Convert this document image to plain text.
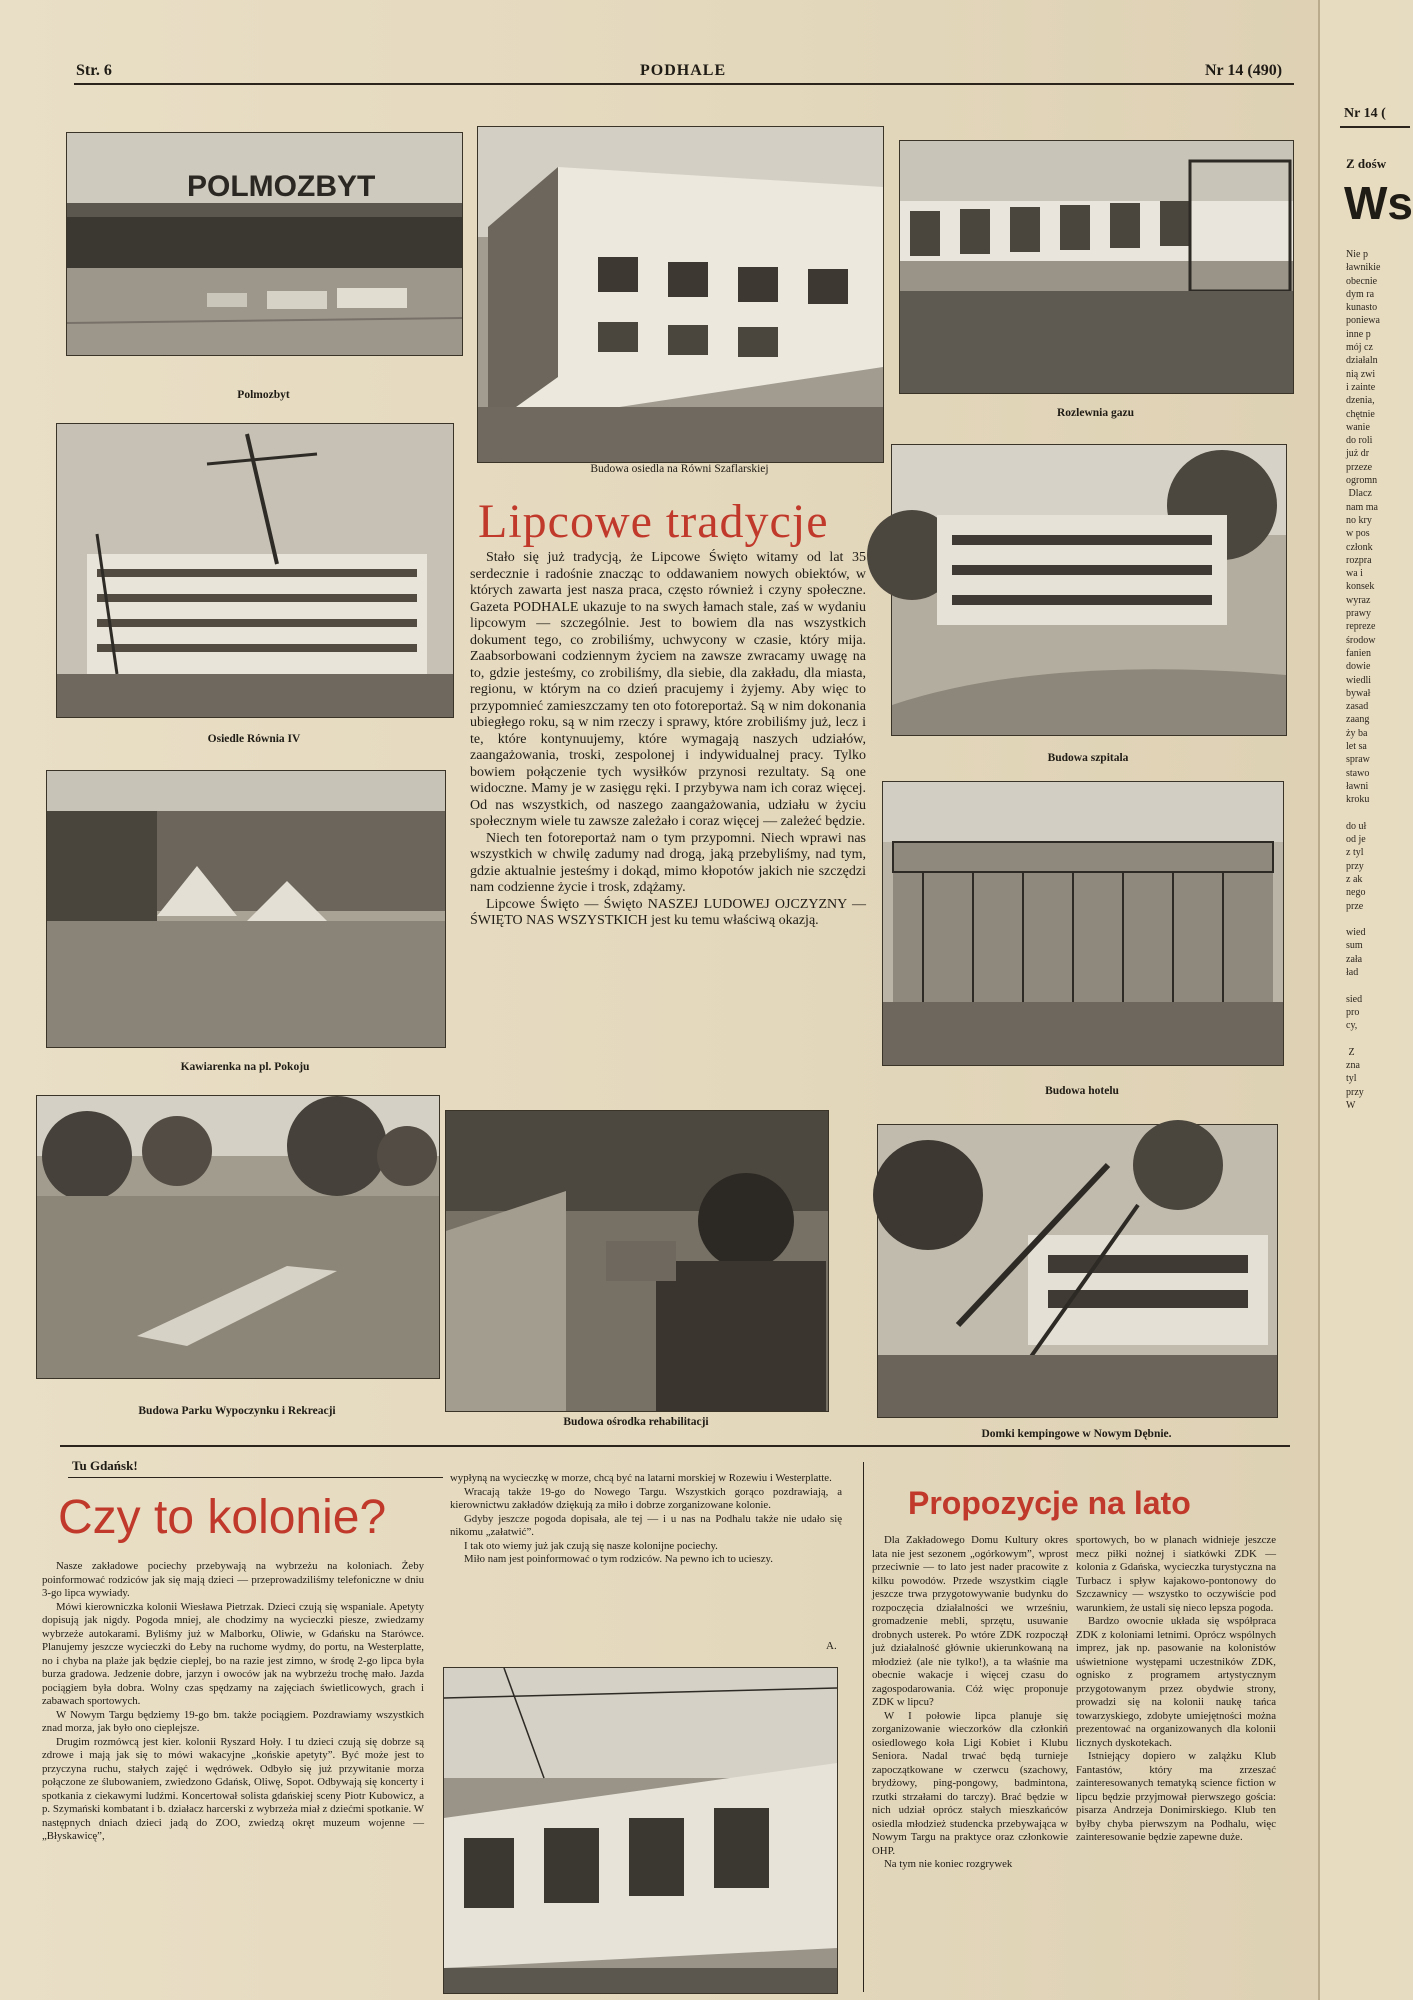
Str. 6	PODHALE	Nr 14 (490)
POLMOZBYT
Polmozbyt
Budowa osiedla na Równi Szaflarskiej
Rozlewnia gazu
Osiedle Równia IV
Budowa szpitala
Kawiarenka na pl. Pokoju
Budowa hotelu
Lipcowe tradycje
Stało się już tradycją, że Lipcowe Święto witamy od lat 35 serdecznie i radośnie znacząc to oddawaniem nowych obiektów, w których zawarta jest nasza praca, często również i czyny społeczne. Gazeta PODHALE ukazuje to na swych łamach stale, zaś w wydaniu lipcowym — szczególnie. Jest to bowiem dla nas wszystkich dokument tego, co zrobiliśmy, uchwycony w czasie, który mija. Zaabsorbowani codziennym życiem na zawsze zwracamy uwagę na to, gdzie jesteśmy, co zrobiliśmy, dla siebie, dla zakładu, dla miasta, regionu, w którym na co dzień pracujemy i żyjemy. Aby więc to przypomnieć zamieszczamy ten oto fotoreportaż. Są w nim dokonania ubiegłego roku, są w nim rzeczy i sprawy, które zrobiliśmy już, lecz i te, które kontynuujemy, które wymagają naszych udziałów, zaangażowania, troski, zespolonej i indywidualnej pracy. Tylko bowiem połączenie tych wysiłków przynosi rezultaty. Są one widoczne. Mamy je w zasięgu ręki. I przybywa nam ich coraz więcej. Od nas wszystkich, od naszego zaangażowania, udziału w życiu społecznym wiele tu zawsze zależało i coraz więcej — zależeć będzie.
Niech ten fotoreportaż nam o tym przypomni. Niech wprawi nas wszystkich w chwilę zadumy nad drogą, jaką przebyliśmy, nad tym, gdzie aktualnie jesteśmy i dokąd, mimo kłopotów jakich nie szczędzi nam codzienne życie i trosk, zdążamy.
Lipcowe Święto — Święto NASZEJ LUDOWEJ OJCZYZNY — ŚWIĘTO NAS WSZYSTKICH jest ku temu właściwą okazją.
Budowa Parku Wypoczynku i Rekreacji
Budowa ośrodka rehabilitacji
Domki kempingowe w Nowym Dębnie.
Tu Gdańsk!
Czy to kolonie?
Nasze zakładowe pociechy przebywają na wybrzeżu na koloniach. Żeby poinformować rodziców jak się mają dzieci — przeprowadziliśmy telefoniczne w dniu 3-go lipca wywiady.
Mówi kierowniczka kolonii Wiesława Pietrzak. Dzieci czują się wspaniale. Apetyty dopisują jak nigdy. Pogoda mniej, ale chodzimy na wycieczki piesze, zwiedzamy wybrzeże autokarami. Byliśmy już w Malborku, Oliwie, w Gdańsku na Starówce. Planujemy jeszcze wycieczki do Łeby na ruchome wydmy, do portu, na Westerplatte, no i chyba na plaże jak będzie cieplej, bo na razie jest zimno, w środę 2-go lipca była burza gradowa. Jedzenie dobre, jarzyn i owoców jak na wybrzeżu trochę mało. Jazda pociągiem była dobra. Wolny czas spędzamy na zajęciach świetlicowych, grach i zabawach sportowych.
W Nowym Targu będziemy 19-go bm. także pociągiem. Pozdrawiamy wszystkich znad morza, jak było ono cieplejsze.
Drugim rozmówcą jest kier. kolonii Ryszard Hoły. I tu dzieci czują się dobrze są zdrowe i mają jak się to mówi wakacyjne „końskie apetyty”. Być może jest to przyczyna ruchu, stałych zajęć i wędrówek. Odbyło się już przywitanie morza połączone ze ślubowaniem, zwiedzono Gdańsk, Oliwę, Sopot. Odbywają się koncerty i spotkania z ciekawymi ludźmi. Koncertował solista gdańskiej sceny Piotr Kubowicz, a p. Szymański kombatant i b. działacz harcerski z wybrzeża miał z dziećmi spotkanie. W następnych dniach dzieci jadą do ZOO, zwiedzą okręt muzeum wojenne — „Błyskawicę”,
wypłyną na wycieczkę w morze, chcą być na latarni morskiej w Rozewiu i Westerplatte.
Wracają także 19-go do Nowego Targu. Wszystkich gorąco pozdrawiają, a kierownictwu zakładów dziękują za miło i dobrze zorganizowane kolonie.
Gdyby jeszcze pogoda dopisała, ale tej — i u nas na Podhalu także nie udało się nikomu „załatwić”.
I tak oto wiemy już jak czują się nasze kolonijne pociechy.
Miło nam jest poinformować o tym rodziców. Na pewno ich to ucieszy.
A.
Propozycje na lato
Dla Zakładowego Domu Kultury okres lata nie jest sezonem „ogórkowym”, wprost przeciwnie — to lato jest nader pracowite z kilku powodów. Przede wszystkim ciągle jeszcze trwa przygotowywanie budynku do rozpoczęcia działalności we wrześniu, gromadzenie mebli, sprzętu, usuwanie drobnych usterek. Po wtóre ZDK rozpoczął już działalność głównie ukierunkowaną na młodzież (ale nie tylko!), a ta właśnie ma obecnie wakacje i więcej czasu do zagospodarowania. Cóż więc proponuje ZDK w lipcu?
W I połowie lipca planuje się zorganizowanie wieczorków dla członkiń osiedlowego koła Ligi Kobiet i Klubu Seniora. Nadal trwać będą turnieje zapoczątkowane w czerwcu (szachowy, brydżowy, ping-pongowy, badmintona, rzutki strzałami do tarczy). Brać będzie w nich udział oprócz stałych mieszkańców osiedla młodzież studencka przebywająca w Nowym Targu na praktyce oraz członkowie OHP.
Na tym nie koniec rozgrywek
sportowych, bo w planach widnieje jeszcze mecz piłki nożnej i siatkówki ZDK — kolonia z Gdańska, wycieczka turystyczna na Turbacz i spływ kajakowo-pontonowy do Szczawnicy — wszystko to oczywiście pod warunkiem, że ustali się nieco lepsza pogoda.
Bardzo owocnie układa się współpraca ZDK z koloniami letnimi. Oprócz wspólnych imprez, jak np. pasowanie na kolonistów uświetnione występami uczestników ZDK, ognisko z programem artystycznym przygotowanym przez obydwie strony, prowadzi się na kolonii naukę tańca towarzyskiego, zdobyte umiejętności można prezentować na organizowanych dla kolonii licznych dyskotekach.
Istniejący dopiero w zalążku Klub Fantastów, który ma zrzeszać zainteresowanych tematyką science fiction w lipcu będzie przyjmował pierwszego gościa: pisarza Andrzeja Donimirskiego. Klub ten byłby chyba pierwszym na Podhalu, więc zainteresowanie będzie zapewne duże.
Nr 14 (
Z dośw
Ws
Nie p
ławnikie
obecnie
dym ra
kunasto
poniewa
inne p
mój cz
działaln
nią zwi
i zainte
dzenia,
chętnie
wanie
do roli
już dr
przeze
ogromn
Dlacz
nam ma
no kry
w pos
członk
rozpra
wa i
konsek
wyraz
prawy
repreze
środow
fanien
dowie
wiedli
bywał
zasad
zaang
ży ba
let sa
spraw
stawo
ławni
kroku

do uł
od je
z tyl
przy
z ak
nego
prze

wied
sum
zała
ład

sied
pro
cy,

Z
zna
tyl
przy
W
